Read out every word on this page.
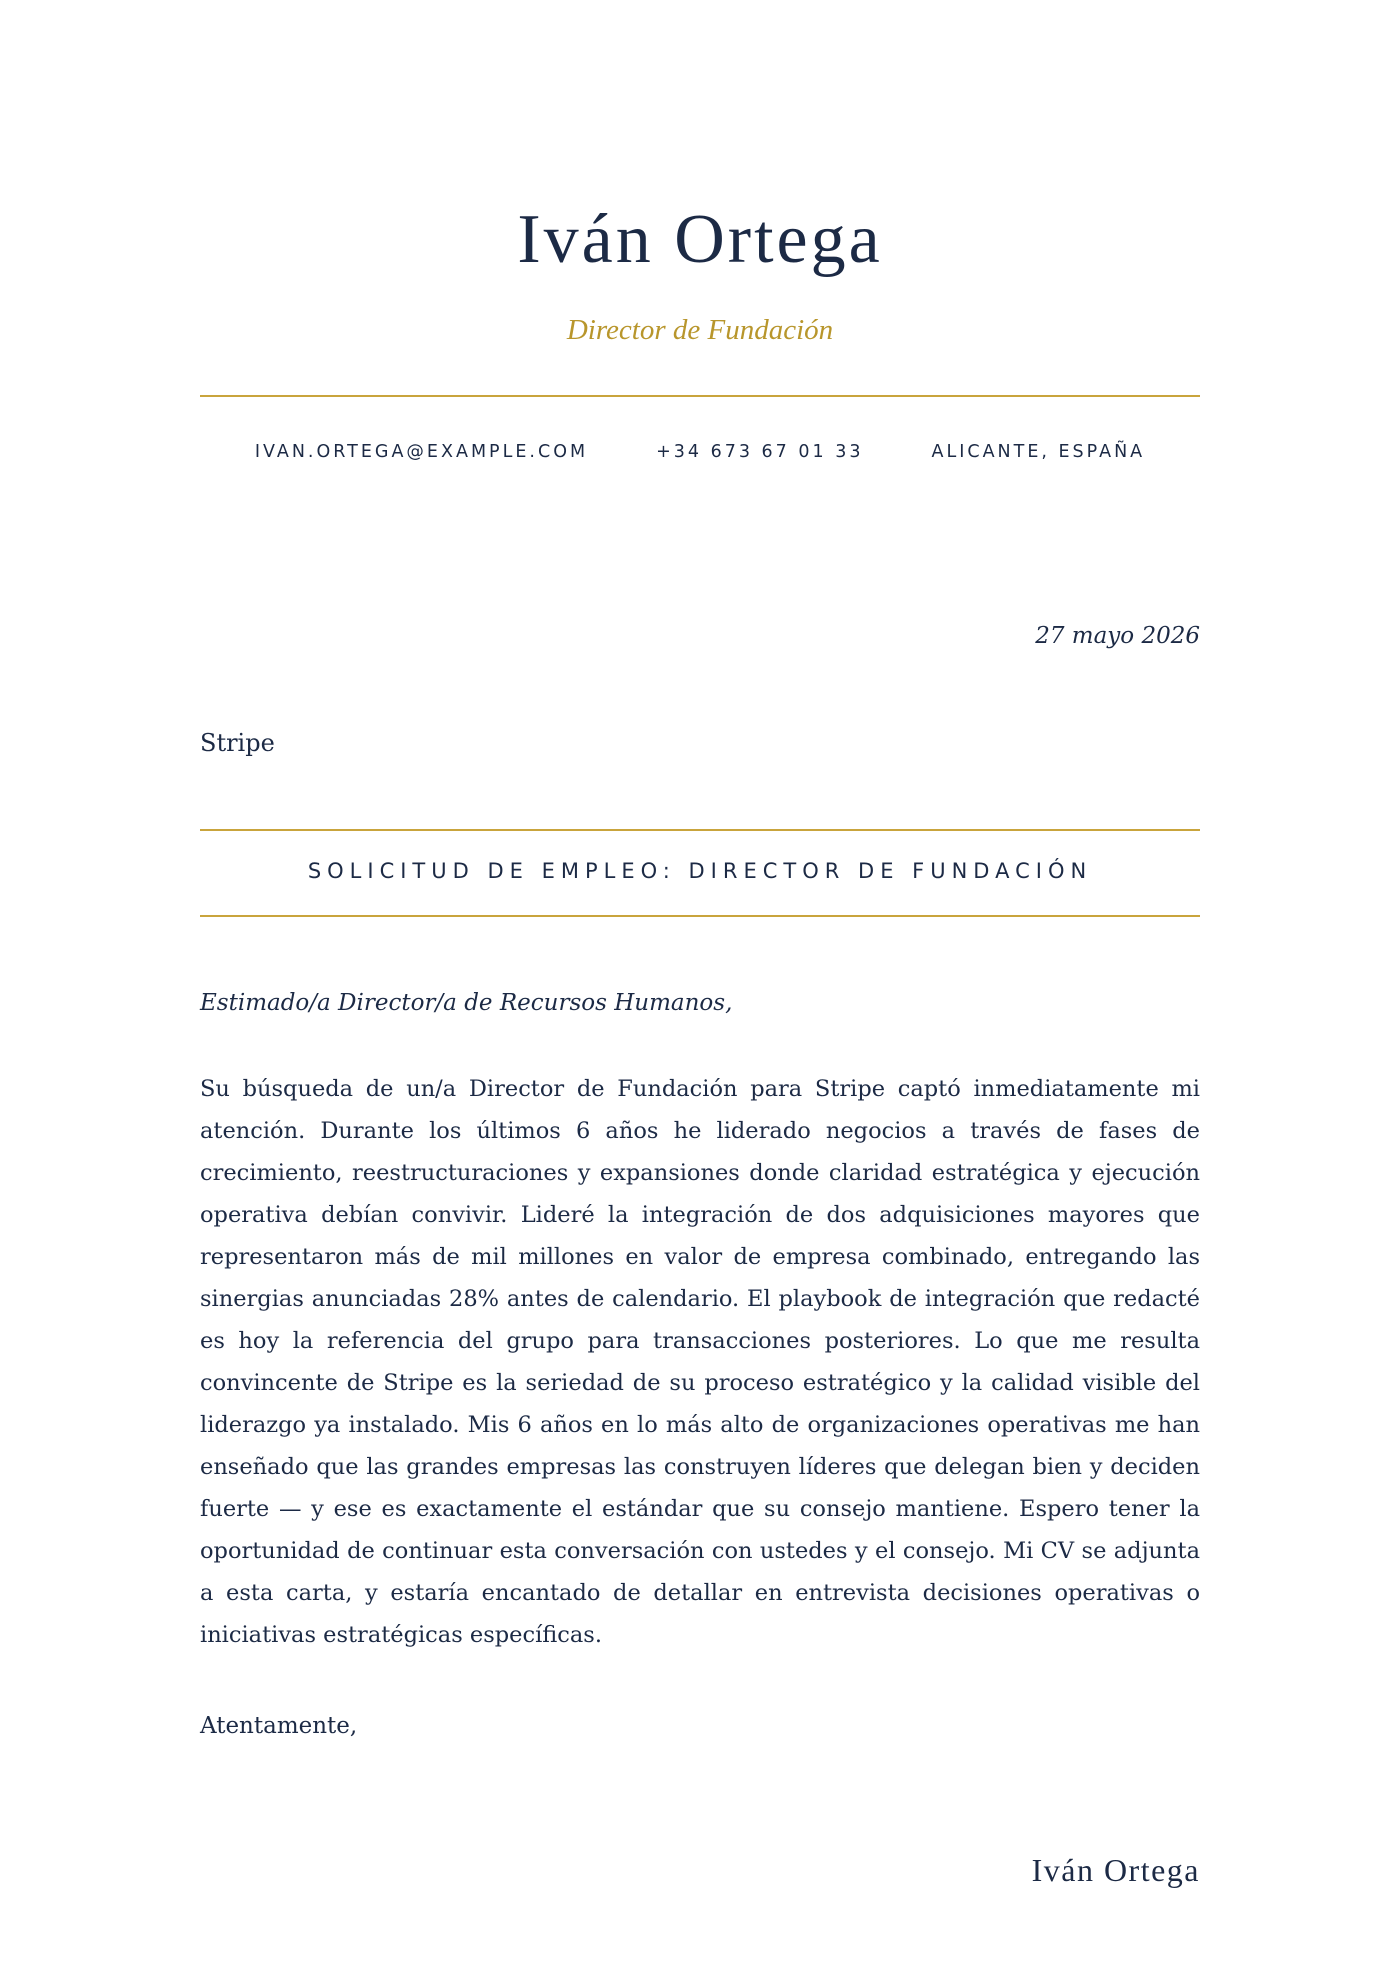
Iván Ortega
Director de Fundación
IVAN.ORTEGA@EXAMPLE.COM	+34 673 67 01 33	ALICANTE, ESPAÑA
27 mayo 2026
Stripe
SOLICITUD DE EMPLEO: DIRECTOR DE FUNDACIÓN
Estimado/a Director/a de Recursos Humanos,

Su búsqueda de un/a Director de Fundación para Stripe captó inmediatamente mi atención. Durante los últimos 6 años he liderado negocios a través de fases de crecimiento, reestructuraciones y expansiones donde claridad estratégica y ejecución operativa debían convivir. Lideré la integración de dos adquisiciones mayores que representaron más de mil millones en valor de empresa combinado, entregando las sinergias anunciadas 28% antes de calendario. El playbook de integración que redacté es hoy la referencia del grupo para transacciones posteriores. Lo que me resulta convincente de Stripe es la seriedad de su proceso estratégico y la calidad visible del liderazgo ya instalado. Mis 6 años en lo más alto de organizaciones operativas me han enseñado que las grandes empresas las construyen líderes que delegan bien y deciden fuerte — y ese es exactamente el estándar que su consejo mantiene. Espero tener la oportunidad de continuar esta conversación con ustedes y el consejo. Mi CV se adjunta a esta carta, y estaría encantado de detallar en entrevista decisiones operativas o iniciativas estratégicas específicas.

Atentamente,
Iván Ortega
